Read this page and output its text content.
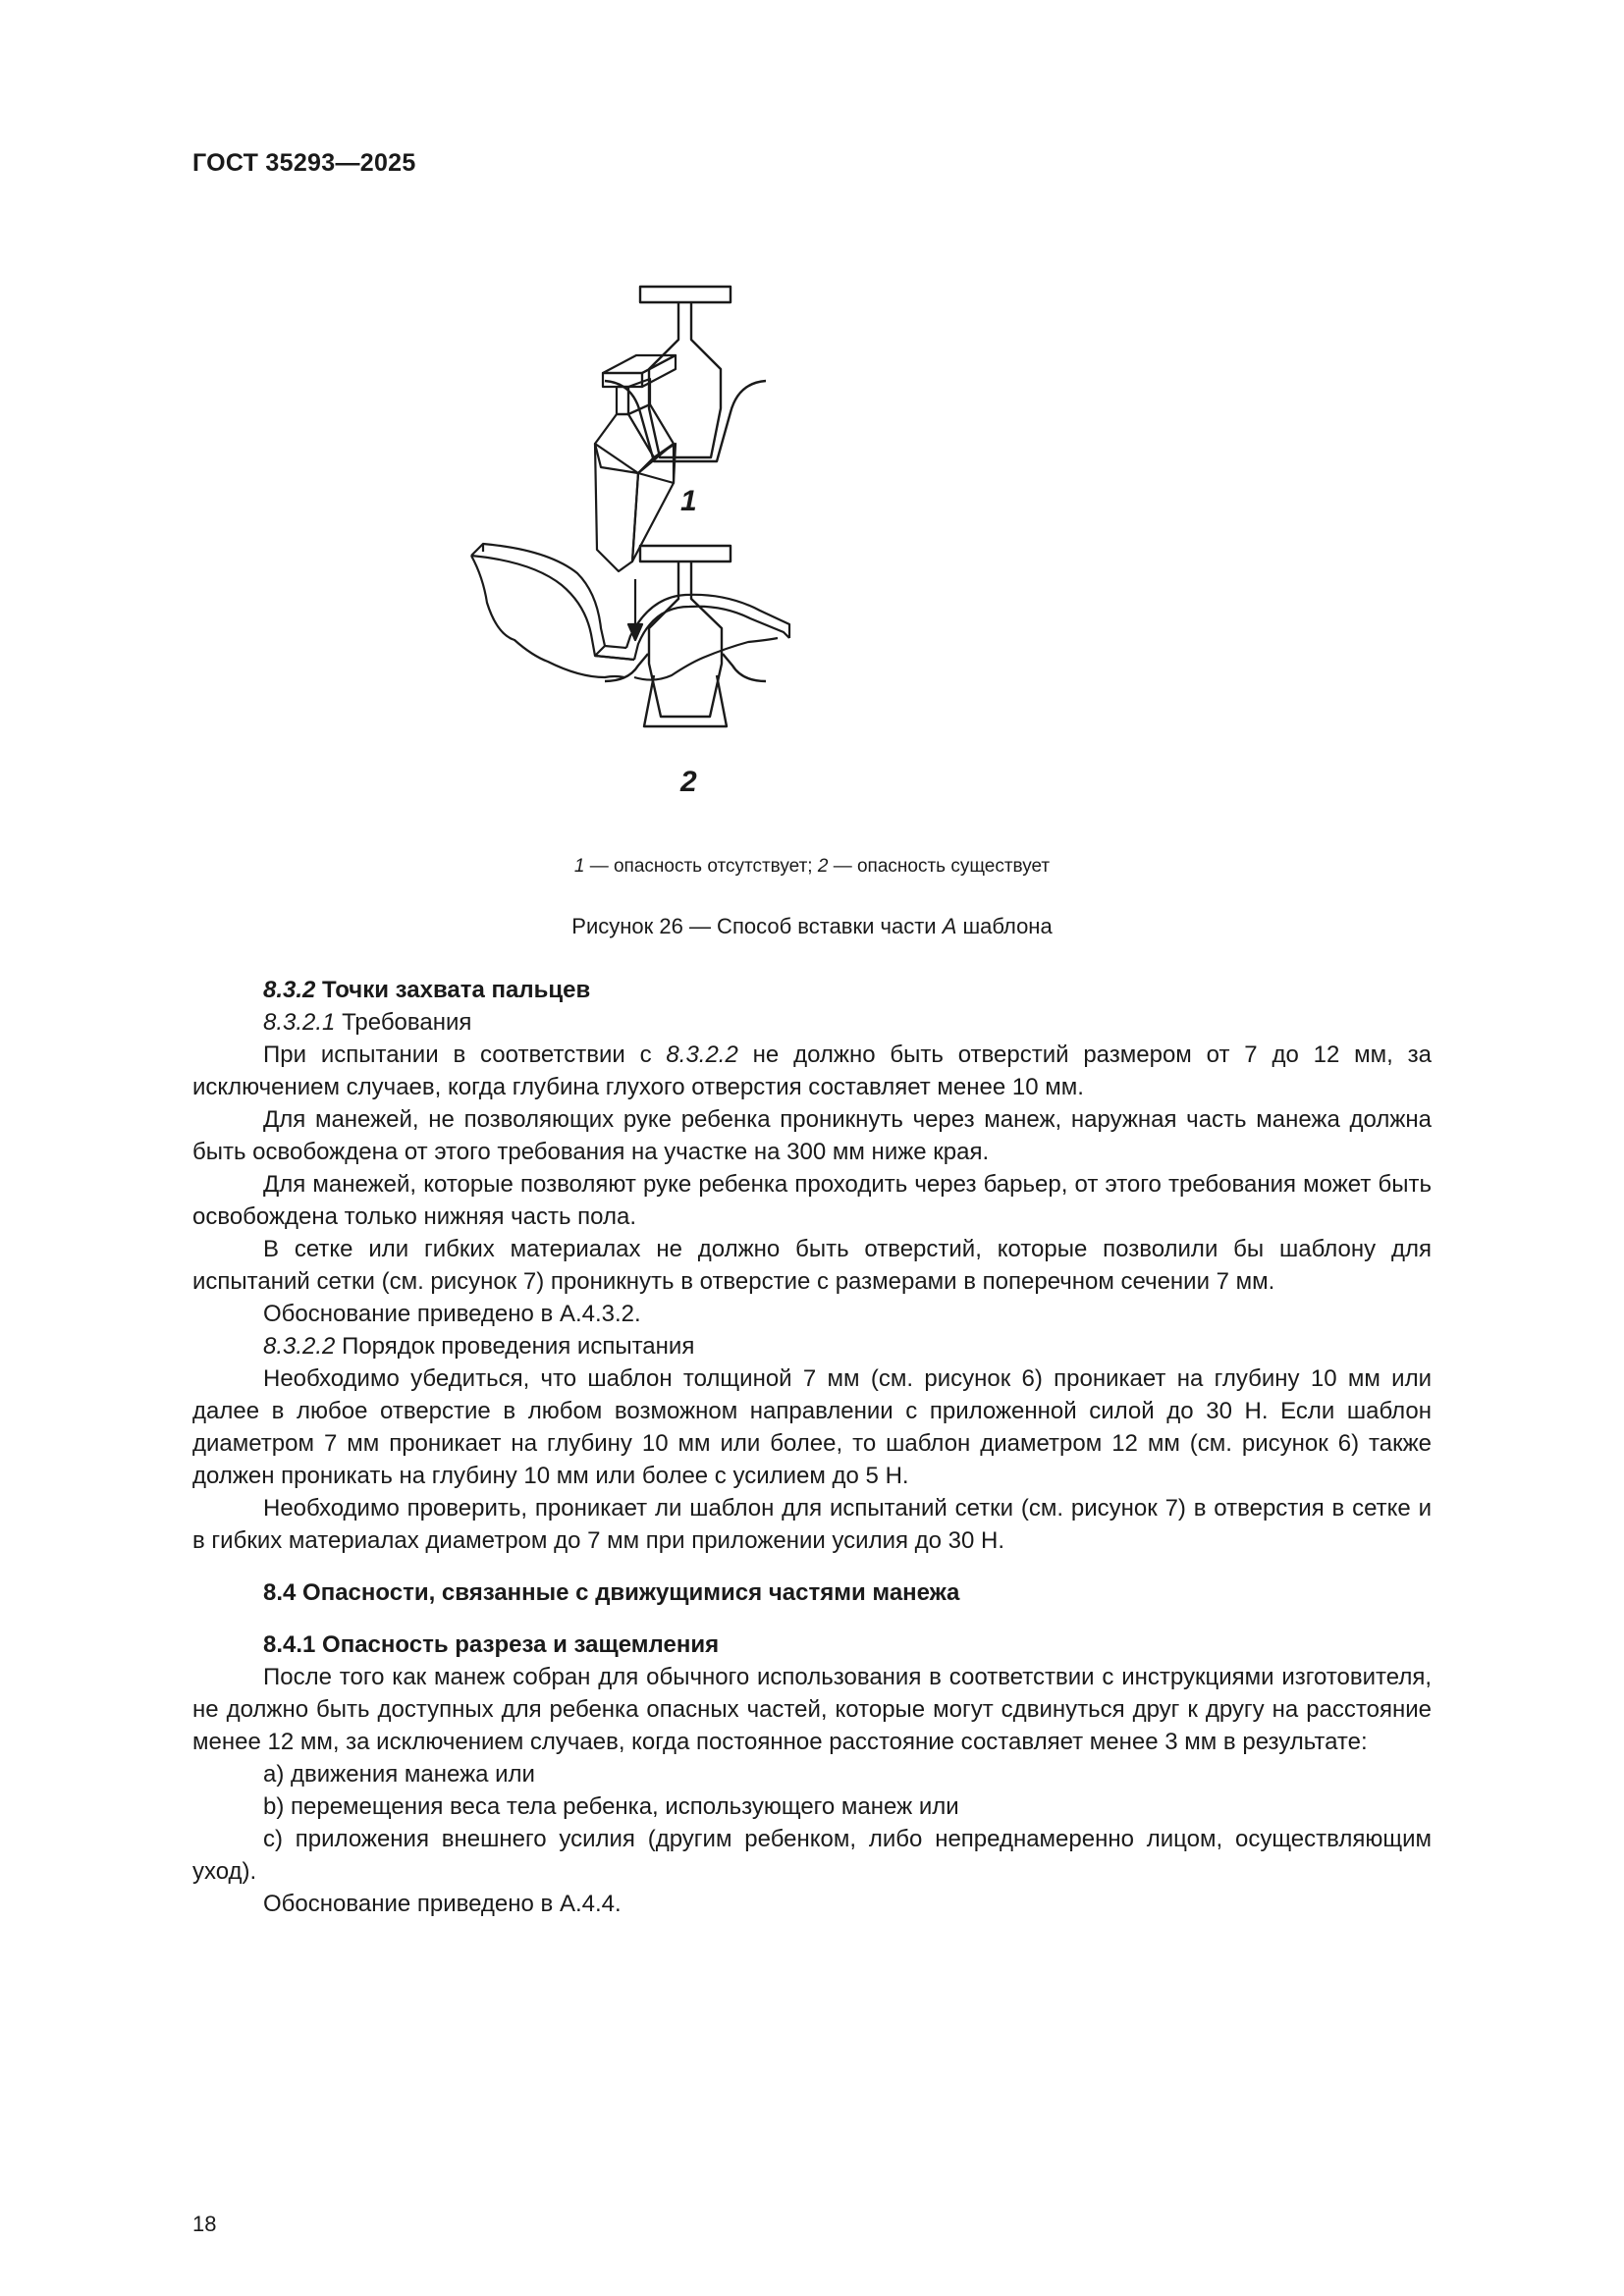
ГОСТ 35293—2025
1
2
1 — опасность отсутствует; 2 — опасность существует
Рисунок 26 — Способ вставки части A шаблона

8.3.2 Точки захвата пальцев

8.3.2.1 Требования

При испытании в соответствии с 8.3.2.2 не должно быть отверстий размером от 7 до 12 мм, за исключением случаев, когда глубина глухого отверстия составляет менее 10 мм.

Для манежей, не позволяющих руке ребенка проникнуть через манеж, наружная часть манежа должна быть освобождена от этого требования на участке на 300 мм ниже края.

Для манежей, которые позволяют руке ребенка проходить через барьер, от этого требования может быть освобождена только нижняя часть пола.

В сетке или гибких материалах не должно быть отверстий, которые позволили бы шаблону для испытаний сетки (см. рисунок 7) проникнуть в отверстие с размерами в поперечном сечении 7 мм.

Обоснование приведено в А.4.3.2.

8.3.2.2 Порядок проведения испытания

Необходимо убедиться, что шаблон толщиной 7 мм (см. рисунок 6) проникает на глубину 10 мм или далее в любое отверстие в любом возможном направлении с приложенной силой до 30 Н. Если шаблон диаметром 7 мм проникает на глубину 10 мм или более, то шаблон диаметром 12 мм (см. рисунок 6) также должен проникать на глубину 10 мм или более с усилием до 5 Н.

Необходимо проверить, проникает ли шаблон для испытаний сетки (см. рисунок 7) в отверстия в сетке и в гибких материалах диаметром до 7 мм при приложении усилия до 30 Н.

8.4 Опасности, связанные с движущимися частями манежа

8.4.1 Опасность разреза и защемления

После того как манеж собран для обычного использования в соответствии с инструкциями изготовителя, не должно быть доступных для ребенка опасных частей, которые могут сдвинуться друг к другу на расстояние менее 12 мм, за исключением случаев, когда постоянное расстояние составляет менее 3 мм в результате:

a) движения манежа или

b) перемещения веса тела ребенка, использующего манеж или

c) приложения внешнего усилия (другим ребенком, либо непреднамеренно лицом, осуществляющим уход).

Обоснование приведено в А.4.4.

18
